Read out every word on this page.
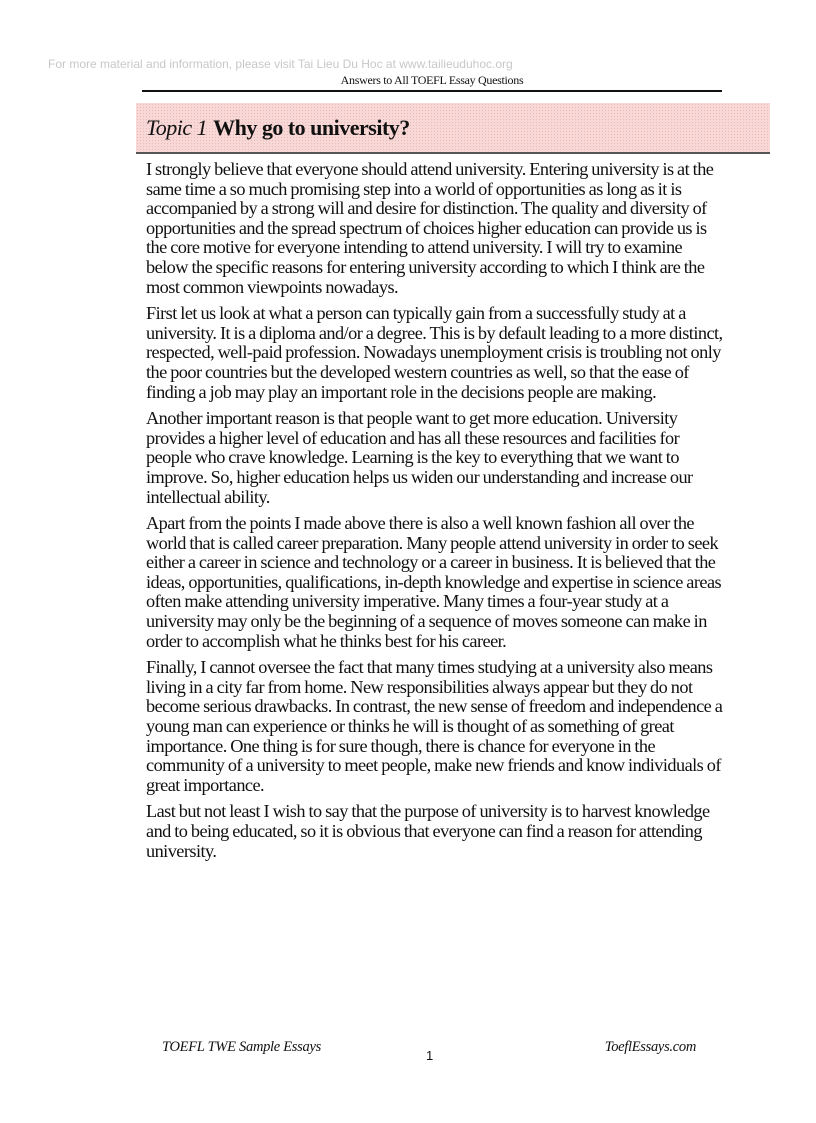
For more material and information, please visit Tai Lieu Du Hoc at www.tailieuduhoc.org
Answers to All TOEFL Essay Questions
Topic 1 Why go to university?

I strongly believe that everyone should attend university. Entering university is at the same time a so much promising step into a world of opportunities as long as it is accompanied by a strong will and desire for distinction. The quality and diversity of opportunities and the spread spectrum of choices higher education can provide us is the core motive for everyone intending to attend university. I will try to examine below the specific reasons for entering university according to which I think are the most common viewpoints nowadays.

First let us look at what a person can typically gain from a successfully study at a university. It is a diploma and/or a degree. This is by default leading to a more distinct, respected, well-paid profession. Nowadays unemployment crisis is troubling not only the poor countries but the developed western countries as well, so that the ease of finding a job may play an important role in the decisions people are making.

Another important reason is that people want to get more education. University provides a higher level of education and has all these resources and facilities for people who crave knowledge. Learning is the key to everything that we want to improve. So, higher education helps us widen our understanding and increase our intellectual ability.

Apart from the points I made above there is also a well known fashion all over the world that is called career preparation. Many people attend university in order to seek either a career in science and technology or a career in business. It is believed that the ideas, opportunities, qualifications, in-depth knowledge and expertise in science areas often make attending university imperative. Many times a four-year study at a university may only be the beginning of a sequence of moves someone can make in order to accomplish what he thinks best for his career.

Finally, I cannot oversee the fact that many times studying at a university also means living in a city far from home. New responsibilities always appear but they do not become serious drawbacks. In contrast, the new sense of freedom and independence a young man can experience or thinks he will is thought of as something of great importance. One thing is for sure though, there is chance for everyone in the community of a university to meet people, make new friends and know individuals of great importance.

Last but not least I wish to say that the purpose of university is to harvest knowledge and to being educated, so it is obvious that everyone can find a reason for attending university.

TOEFL TWE Sample Essays
1
ToeflEssays.com
